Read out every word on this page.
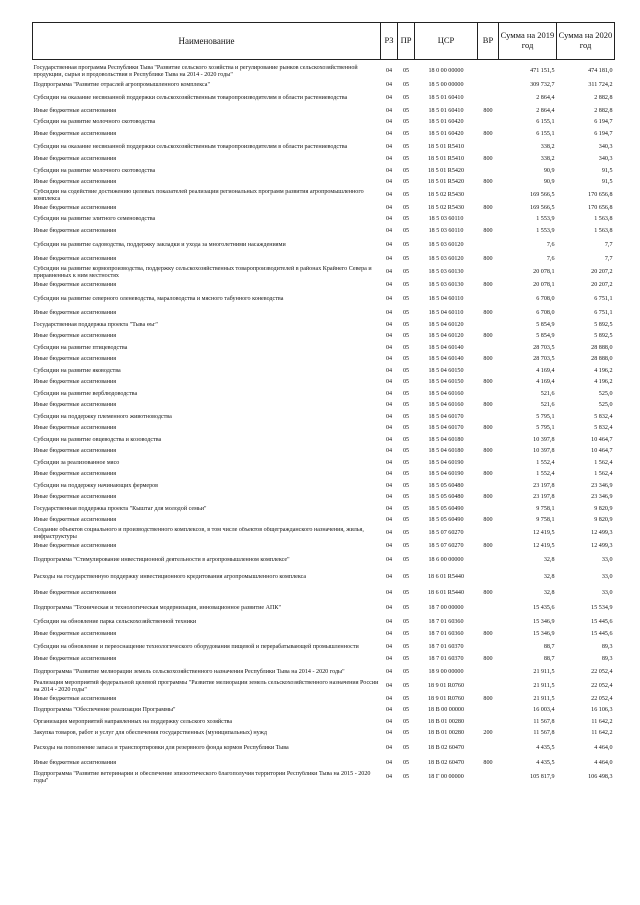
Наименование	РЗ	ПР	ЦСР	ВР	Сумма на 2019 год	Сумма на 2020 год
Государственная программа Республики Тыва "Развитие сельского хозяйства и регулирование рынков сельскохозяйственной продукции, сырья и продовольствия в Республике Тыва на 2014 - 2020 годы"	04	05	18 0 00 00000		471 151,5	474 181,0
Подпрограмма "Развитие отраслей агропромышленного комплекса"	04	05	18 5 00 00000		309 732,7	311 724,2
Субсидии на оказание несвязанной поддержки сельскохозяйственным товаропроизводителям в области растениеводства	04	05	18 5 01 60410		2 864,4	2 882,8
Иные бюджетные ассигнования	04	05	18 5 01 60410	800	2 864,4	2 882,8
Субсидии на развитие молочного скотоводства	04	05	18 5 01 60420		6 155,1	6 194,7
Иные бюджетные ассигнования	04	05	18 5 01 60420	800	6 155,1	6 194,7
Субсидии на оказание несвязанной поддержки сельскохозяйственным товаропроизводителям в области растениеводства	04	05	18 5 01 R5410		338,2	340,3
Иные бюджетные ассигнования	04	05	18 5 01 R5410	800	338,2	340,3
Субсидии на развитие молочного скотоводства	04	05	18 5 01 R5420		90,9	91,5
Иные бюджетные ассигнования	04	05	18 5 01 R5420	800	90,9	91,5
Субсидии на содействие достижению целевых показателей реализации региональных программ развития агропромышленного комплекса	04	05	18 5 02 R5430		169 566,5	170 656,8
Иные бюджетные ассигнования	04	05	18 5 02 R5430	800	169 566,5	170 656,8
Субсидии на развитие элитного семеноводства	04	05	18 5 03 60110		1 553,9	1 563,8
Иные бюджетные ассигнования	04	05	18 5 03 60110	800	1 553,9	1 563,8
Субсидии на развитие садоводства, поддержку закладки и ухода за многолетними насаждениями	04	05	18 5 03 60120		7,6	7,7
Иные бюджетные ассигнования	04	05	18 5 03 60120	800	7,6	7,7
Субсидии на развитие кормопроизводства, поддержку сельскохозяйственных товаропроизводителей в районах Крайнего Севера и приравненных к ним местностях	04	05	18 5 03 60130		20 078,1	20 207,2
Иные бюджетные ассигнования	04	05	18 5 03 60130	800	20 078,1	20 207,2
Субсидии на развитие северного оленеводства, мараловодства и мясного табунного коневодства	04	05	18 5 04 60110		6 708,0	6 751,1
Иные бюджетные ассигнования	04	05	18 5 04 60110	800	6 708,0	6 751,1
Государственная поддержка проекта "Тыва өъг"	04	05	18 5 04 60120		5 854,9	5 892,5
Иные бюджетные ассигнования	04	05	18 5 04 60120	800	5 854,9	5 892,5
Субсидии на развитие птицеводства	04	05	18 5 04 60140		28 703,5	28 888,0
Иные бюджетные ассигнования	04	05	18 5 04 60140	800	28 703,5	28 888,0
Субсидии на развитие яководства	04	05	18 5 04 60150		4 169,4	4 196,2
Иные бюджетные ассигнования	04	05	18 5 04 60150	800	4 169,4	4 196,2
Субсидии на развитие верблюдоводства	04	05	18 5 04 60160		521,6	525,0
Иные бюджетные ассигнования	04	05	18 5 04 60160	800	521,6	525,0
Субсидии на поддержку племенного животноводства	04	05	18 5 04 60170		5 795,1	5 832,4
Иные бюджетные ассигнования	04	05	18 5 04 60170	800	5 795,1	5 832,4
Субсидии на развитие овцеводства и козоводства	04	05	18 5 04 60180		10 397,8	10 464,7
Иные бюджетные ассигнования	04	05	18 5 04 60180	800	10 397,8	10 464,7
Субсидии за реализованное мясо	04	05	18 5 04 60190		1 552,4	1 562,4
Иные бюджетные ассигнования	04	05	18 5 04 60190	800	1 552,4	1 562,4
Субсидии на поддержку начинающих фермеров	04	05	18 5 05 60480		23 197,8	23 346,9
Иные бюджетные ассигнования	04	05	18 5 05 60480	800	23 197,8	23 346,9
Государственная поддержка проекта "Кыштаг для молодой семьи"	04	05	18 5 05 60490		9 758,1	9 820,9
Иные бюджетные ассигнования	04	05	18 5 05 60490	800	9 758,1	9 820,9
Создание объектов социального и производственного комплексов, в том числе объектов общегражданского назначения, жилья, инфраструктуры	04	05	18 5 07 60270		12 419,5	12 499,3
Иные бюджетные ассигнования	04	05	18 5 07 60270	800	12 419,5	12 499,3
Подпрограмма "Стимулирование инвестиционной деятельности в агропромышленном комплексе"	04	05	18 6 00 00000		32,8	33,0
Расходы на государственную поддержку инвестиционного кредитования агропромышленного комплекса	04	05	18 6 01 R5440		32,8	33,0
Иные бюджетные ассигнования	04	05	18 6 01 R5440	800	32,8	33,0
Подпрограмма "Техническая и технологическая модернизация, инновационное развитие АПК"	04	05	18 7 00 00000		15 435,6	15 534,9
Субсидии на обновление парка сельскохозяйственной техники	04	05	18 7 01 60360		15 346,9	15 445,6
Иные бюджетные ассигнования	04	05	18 7 01 60360	800	15 346,9	15 445,6
Субсидии на обновление и переоснащение технологического оборудования пищевой и перерабатывающей промышленности	04	05	18 7 01 60370		88,7	89,3
Иные бюджетные ассигнования	04	05	18 7 01 60370	800	88,7	89,3
Подпрограмма "Развитие мелиорации земель сельскохозяйственного назначения Республики Тыва на 2014 - 2020 годы"	04	05	18 9 00 00000		21 911,5	22 052,4
Реализация мероприятий федеральной целевой программы "Развитие мелиорации земель сельскохозяйственного назначения России на 2014 - 2020 годы"	04	05	18 9 01 R0760		21 911,5	22 052,4
Иные бюджетные ассигнования	04	05	18 9 01 R0760	800	21 911,5	22 052,4
Подпрограмма "Обеспечение реализации Программы"	04	05	18 В 00 00000		16 003,4	16 106,3
Организация мероприятий направленных на поддержку сельского хозяйства	04	05	18 В 01 00280		11 567,8	11 642,2
Закупка товаров, работ и услуг для обеспечения государственных (муниципальных) нужд	04	05	18 В 01 00280	200	11 567,8	11 642,2
Расходы на пополнение запаса и транспортировки для резервного фонда кормов Республики Тыва	04	05	18 В 02 60470		4 435,5	4 464,0
Иные бюджетные ассигнования	04	05	18 В 02 60470	800	4 435,5	4 464,0
Подпрограмма "Развитие ветеринарии и обеспечение эпизоотического благополучия территории Республики Тыва на 2015 - 2020 годы"	04	05	18 Г 00 00000		105 817,9	106 498,3
